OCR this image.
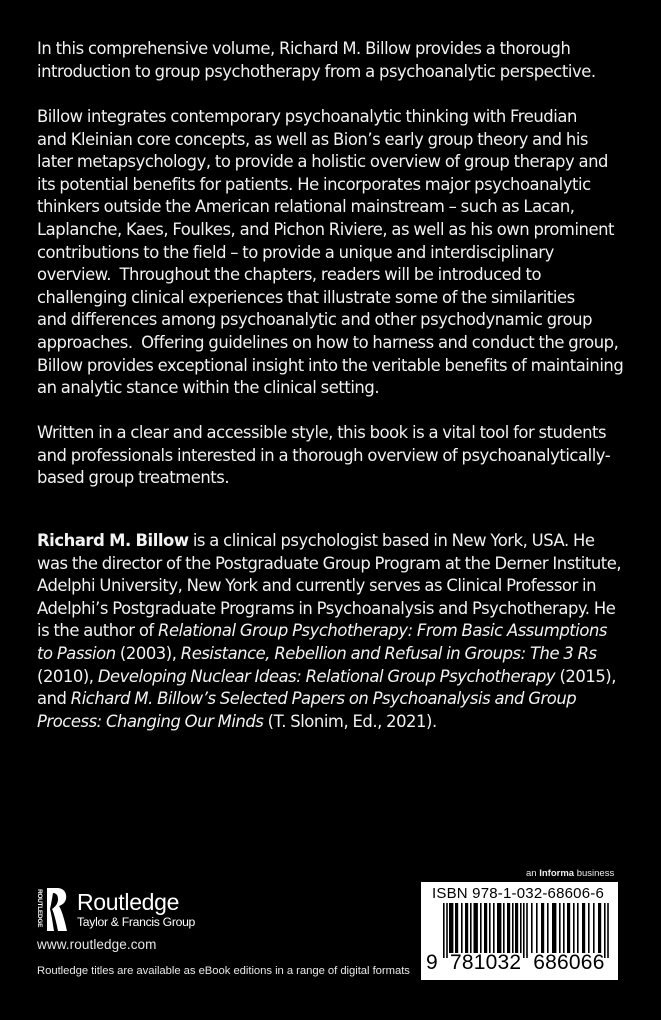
In this comprehensive volume, Richard M. Billow provides a thorough
introduction to group psychotherapy from a psychoanalytic perspective.
Billow integrates contemporary psychoanalytic thinking with Freudian
and Kleinian core concepts, as well as Bion’s early group theory and his
later metapsychology, to provide a holistic overview of group therapy and
its potential benefits for patients. He incorporates major psychoanalytic
thinkers outside the American relational mainstream – such as Lacan,
Laplanche, Kaes, Foulkes, and Pichon Riviere, as well as his own prominent
contributions to the field – to provide a unique and interdisciplinary
overview.  Throughout the chapters, readers will be introduced to
challenging clinical experiences that illustrate some of the similarities
and differences among psychoanalytic and other psychodynamic group
approaches.  Offering guidelines on how to harness and conduct the group,
Billow provides exceptional insight into the veritable benefits of maintaining
an analytic stance within the clinical setting.
Written in a clear and accessible style, this book is a vital tool for students
and professionals interested in a thorough overview of psychoanalytically-
based group treatments.
Richard M. Billow is a clinical psychologist based in New York, USA. He
was the director of the Postgraduate Group Program at the Derner Institute,
Adelphi University, New York and currently serves as Clinical Professor in
Adelphi’s Postgraduate Programs in Psychoanalysis and Psychotherapy. He
is the author of Relational Group Psychotherapy: From Basic Assumptions
to Passion (2003), Resistance, Rebellion and Refusal in Groups: The 3 Rs
(2010), Developing Nuclear Ideas: Relational Group Psychotherapy (2015),
and Richard M. Billow’s Selected Papers on Psychoanalysis and Group
Process: Changing Our Minds (T. Slonim, Ed., 2021).
ROUTLEDGE Routledge
Taylor & Francis Group
www.routledge.com
Routledge titles are available as eBook editions in a range of digital formats
an Informa business
ISBN 978-1-032-68606-6
9  781032  686066
